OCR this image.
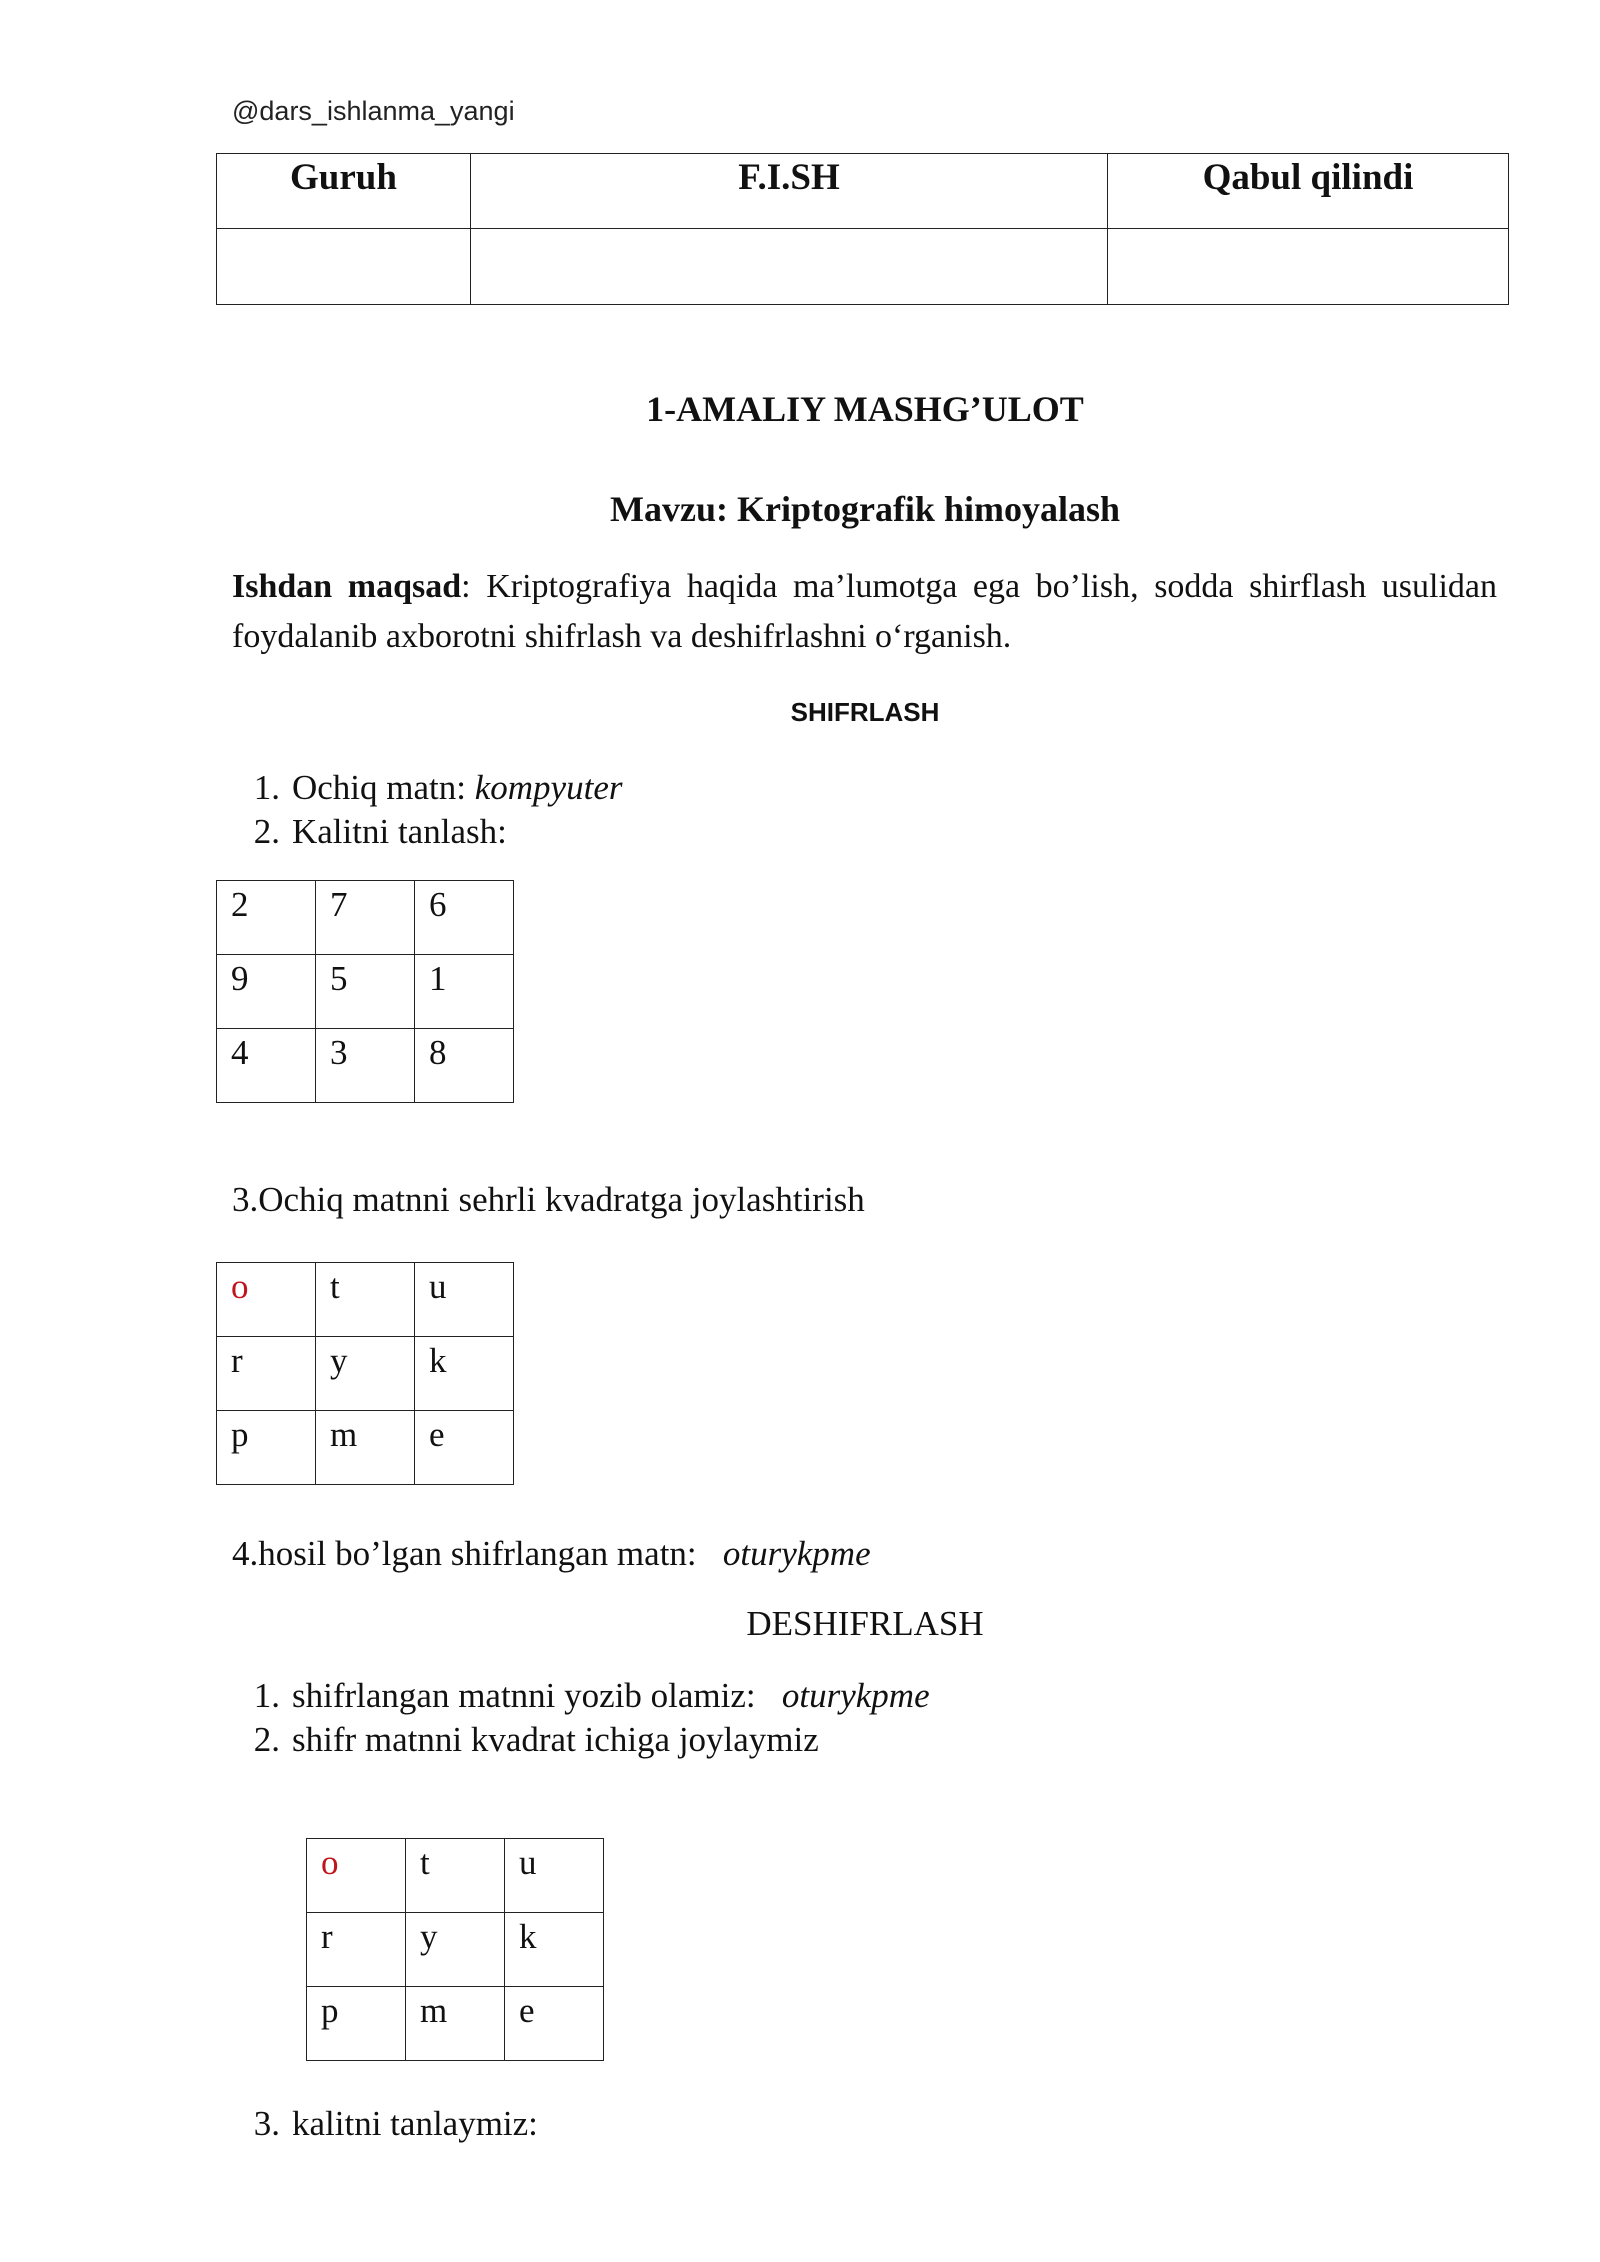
@dars_ishlanma_yangi
Guruh	F.I.SH	Qabul qilindi

1-AMALIY MASHG’ULOT
Mavzu: Kriptografik himoyalash
Ishdan maqsad: Kriptografiya haqida ma’lumotga ega bo’lish, sodda shirflash usulidan foydalanib axborotni shifrlash va deshifrlashni o‘rganish.
SHIFRLASH
1. Ochiq matn: kompyuter
2. Kalitni tanlash:
2	7	6
9	5	1
4	3	8
3.Ochiq matnni sehrli kvadratga joylashtirish
o	t	u
r	y	k
p	m	e
4.hosil bo’lgan shifrlangan matn: oturykpme
DESHIFRLASH
1. shifrlangan matnni yozib olamiz: oturykpme
2. shifr matnni kvadrat ichiga joylaymiz
o	t	u
r	y	k
p	m	e
3. kalitni tanlaymiz:
